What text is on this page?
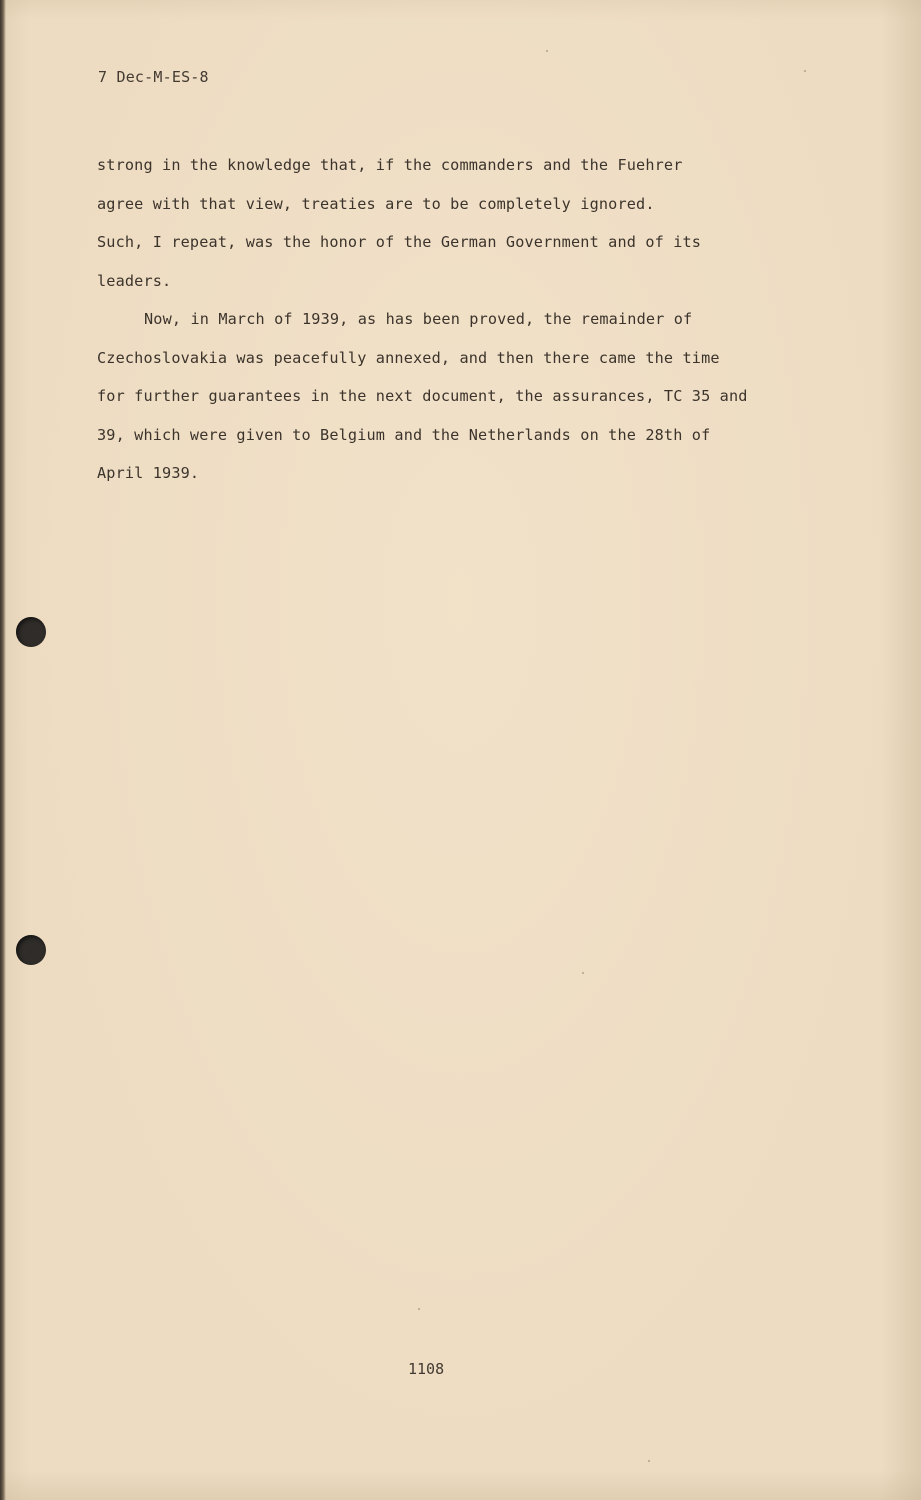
7 Dec-M-ES-8
strong in the knowledge that, if the commanders and the Fuehrer
agree with that view, treaties are to be completely ignored.
Such, I repeat, was the honor of the German Government and of its
leaders.
Now, in March of 1939, as has been proved, the remainder of
Czechoslovakia was peacefully annexed, and then there came the time
for further guarantees in the next document, the assurances, TC 35 and
39, which were given to Belgium and the Netherlands on the 28th of
April 1939.
1108
